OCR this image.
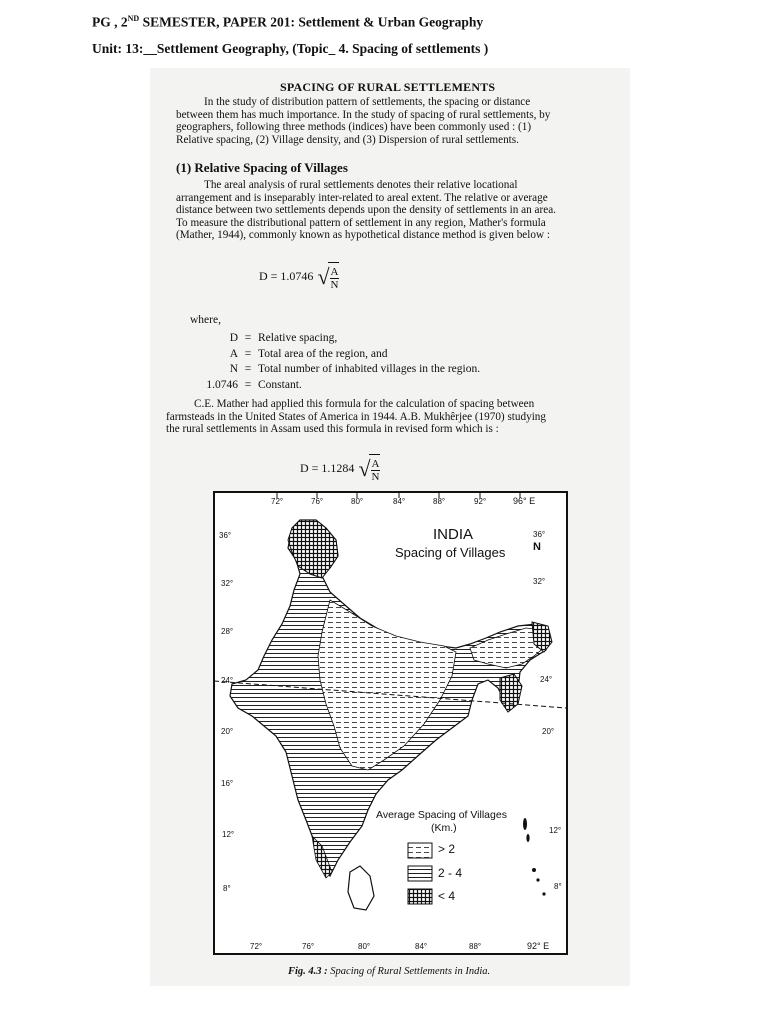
PG , 2ND SEMESTER, PAPER 201: Settlement & Urban Geography
Unit: 13:__Settlement Geography, (Topic_ 4. Spacing of settlements )
SPACING OF RURAL SETTLEMENTS

In the study of distribution pattern of settlements, the spacing or distance

between them has much importance. In the study of spacing of rural settlements, by

geographers, following three methods (indices) have been commonly used : (1)

Relative spacing, (2) Village density, and (3) Dispersion of rural settlements.

(1) Relative Spacing of Villages

The areal analysis of rural settlements denotes their relative locational

arrangement and is inseparably inter-related to areal extent. The relative or average

distance between two settlements depends upon the density of settlements in an area.

To measure the distributional pattern of settlement in any region, Mather's formula

(Mather, 1944), commonly known as hypothetical distance method is given below :

D = 1.0746 √ $\frac{A}{N}$
where,
D = Relative spacing,
A = Total area of the region, and
N = Total number of inhabited villages in the region.
1.0746 = Constant.

C.E. Mather had applied this formula for the calculation of spacing between

farmsteads in the United States of America in 1944. A.B. Mukhêrjee (1970) studying

the rural settlements in Assam used this formula in revised form which is :

D = 1.1284 √ $\frac{A}{N}$
INDIA
Spacing of Villages	N
72°	76°	80°	84°	88°	92°	96° E
72°	76°	80°	84°	88°	92° E
36°
32°
28°
24°
20°
16°
12°
8°
36°
32°
24°
20°
12°
8°
Average Spacing of Villages
(Km.)
> 2
2 - 4
< 4
Fig. 4.3 : Spacing of Rural Settlements in India.
